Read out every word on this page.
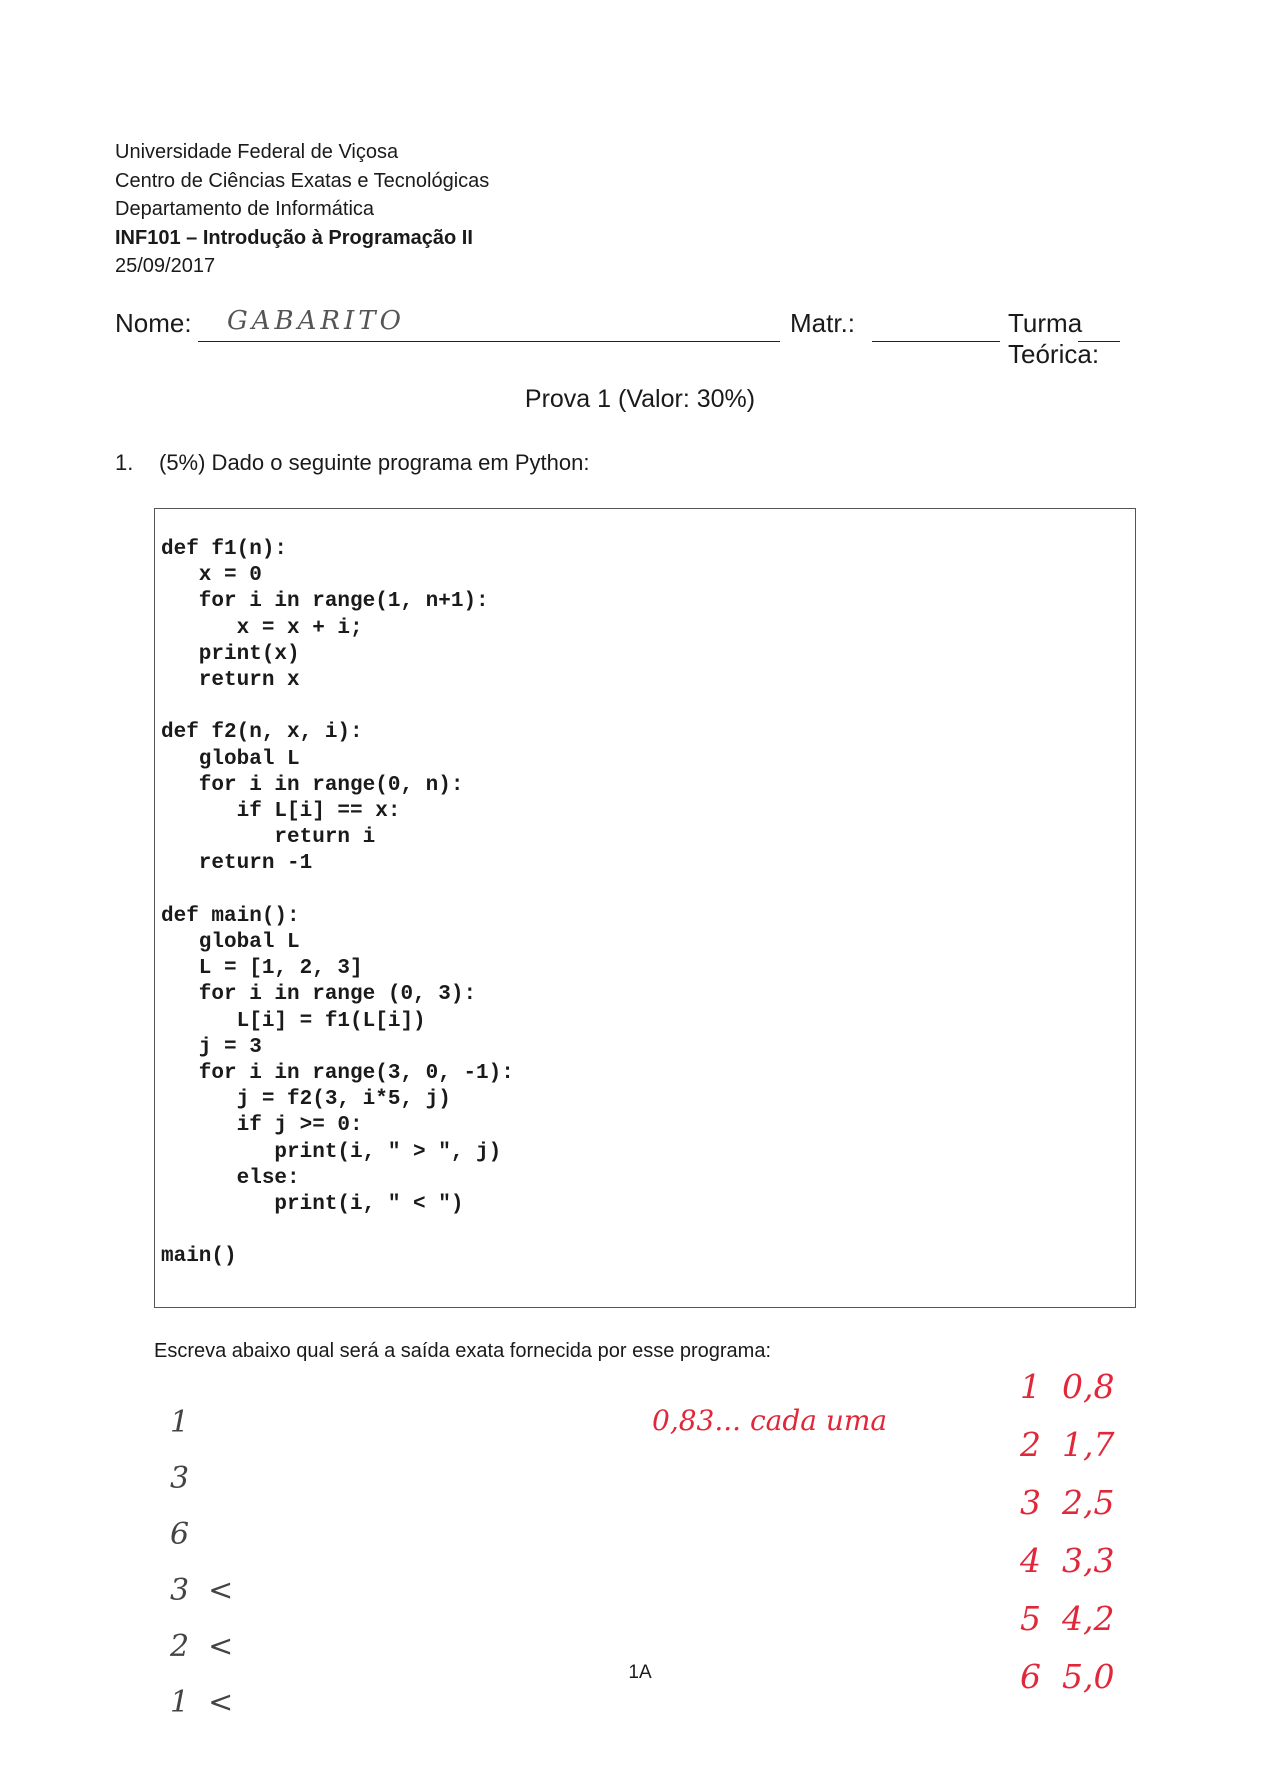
Universidade Federal de Viçosa
Centro de Ciências Exatas e Tecnológicas
Departamento de Informática
INF101 – Introdução à Programação II
25/09/2017
Nome: GABARITO	Matr.:	Turma Teórica:
Prova 1 (Valor: 30%)
1. (5%) Dado o seguinte programa em Python:
def f1(n):
x = 0
for i in range(1, n+1):
x = x + i;
print(x)
return x

def f2(n, x, i):
global L
for i in range(0, n):
if L[i] == x:
return i
return -1

def main():
global L
L = [1, 2, 3]
for i in range (0, 3):
L[i] = f1(L[i])
j = 3
for i in range(3, 0, -1):
j = f2(3, i*5, j)
if j >= 0:
print(i, " > ", j)
else:
print(i, " < ")

main()
Escreva abaixo qual será a saída exata fornecida por esse programa:
1
3
6
3  <
2  <
1  <
0,83... cada uma
1 0,8
2 1,7
3 2,5
4 3,3
5 4,2
6 5,0
1A
